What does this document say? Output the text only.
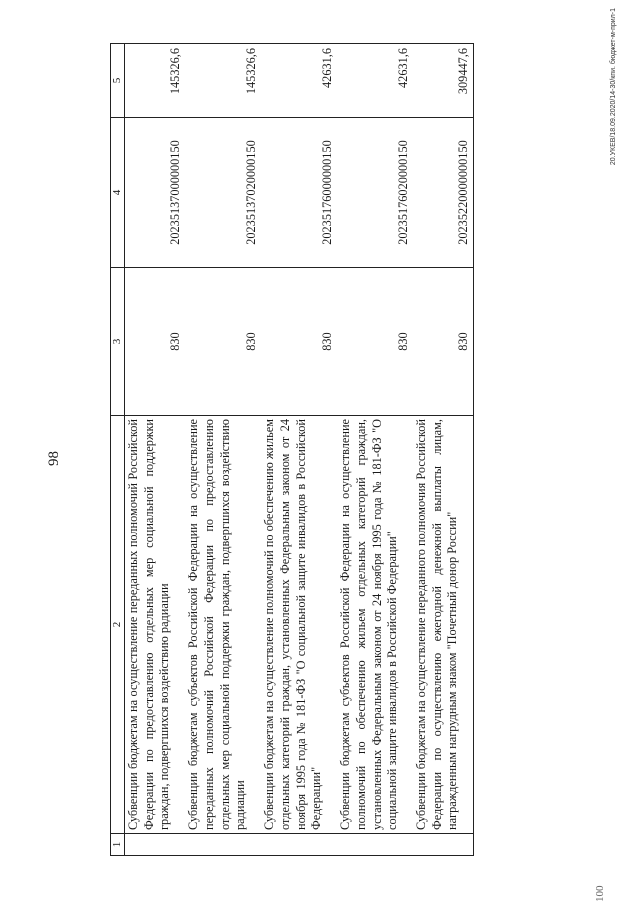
98
1	2	3	4	5
	Субвенции бюджетам на осуществление переданных полномочий Российской Федерации по предоставлению отдельных мер социальной поддержки граждан, подвергшихся воздействию радиации	830	20235137000000150	145326,6
	Субвенции бюджетам субъектов Российской Федерации на осуществление переданных полномочий Российской Федерации по предоставлению отдельных мер социальной поддержки граждан, подвергшихся воздействию радиации	830	20235137020000150	145326,6
	Субвенции бюджетам на осуществление полномочий по обеспечению жильем отдельных категорий граждан, установленных Федеральным законом от 24 ноября 1995 года № 181-ФЗ "О социальной защите инвалидов в Российской Федерации"	830	20235176000000150	42631,6
	Субвенции бюджетам субъектов Российской Федерации на осуществление полномочий по обеспечению жильем отдельных категорий граждан, установленных Федеральным законом от 24 ноября 1995 года № 181-ФЗ "О социальной защите инвалидов в Российской Федерации"	830	20235176020000150	42631,6
	Субвенции бюджетам на осуществление переданного полномочия Российской Федерации по осуществлению ежегодной денежной выплаты лицам, награжденным нагрудным знаком "Почетный донор России"	830	20235220000000150	309447,6	20.УКЕВ/18.09.2020/14-30/кпи. бюджет-м-прил-1
100
